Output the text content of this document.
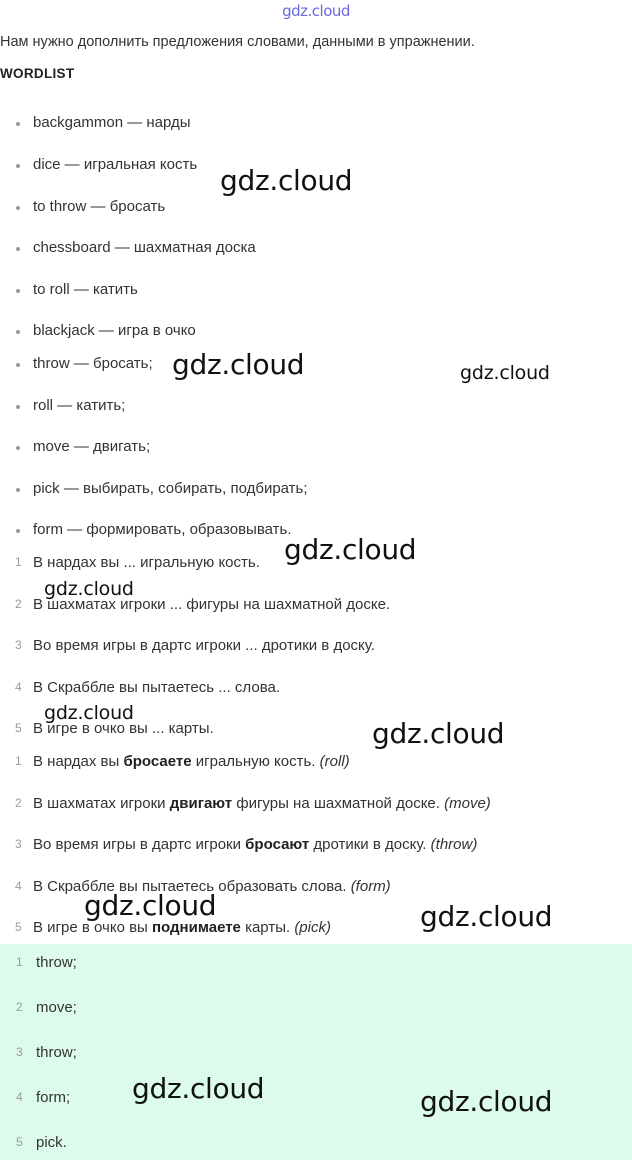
gdz.cloud
Нам нужно дополнить предложения словами, данными в упражнении.
WORDLIST
backgammon — нарды
dice — игральная кость
to throw — бросать
chessboard — шахматная доска
to roll — катить
blackjack — игра в очко
throw — бросать;
roll — катить;
move — двигать;
pick — выбирать, собирать, подбирать;
form — формировать, образовывать.
1 В нардах вы ... игральную кость.
2 В шахматах игроки ... фигуры на шахматной доске.
3 Во время игры в дартс игроки ... дротики в доску.
4 В Скраббле вы пытаетесь ... слова.
5 В игре в очко вы ... карты.
1 В нардах вы бросаете игральную кость. (roll)
2 В шахматах игроки двигают фигуры на шахматной доске. (move)
3 Во время игры в дартс игроки бросают дротики в доску. (throw)
4 В Скраббле вы пытаетесь образовать слова. (form)
5 В игре в очко вы поднимаете карты. (pick)
1 throw;
2 move;
3 throw;
4 form;
5 pick.
gdz.cloud
gdz.cloud	gdz.cloud
gdz.cloud
gdz.cloud
gdz.cloud
gdz.cloud
gdz.cloud	gdz.cloud
gdz.cloud	gdz.cloud
